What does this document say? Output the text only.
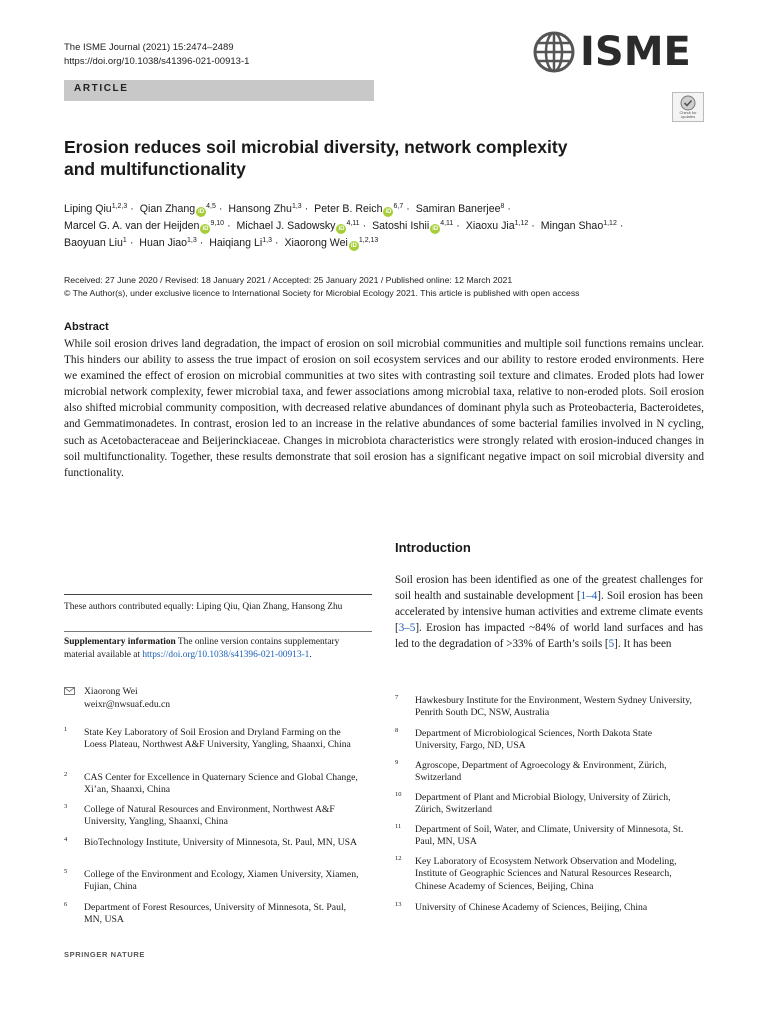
The ISME Journal (2021) 15:2474–2489
https://doi.org/10.1038/s41396-021-00913-1	ISME
ARTICLE
Check for updates
Erosion reduces soil microbial diversity, network complexity
and multifunctionality
Liping Qiu$^{1,2,3}$ · Qian Zhang iD$^{4,5}$ · Hansong Zhu$^{1,3}$ · Peter B. Reich iD$^{6,7}$ · Samiran Banerjee$^8$ ·
Marcel G. A. van der Heijden iD$^{9,10}$ · Michael J. Sadowsky iD$^{4,11}$ · Satoshi Ishii iD$^{4,11}$ · Xiaoxu Jia$^{1,12}$ · Mingan Shao$^{1,12}$ ·
Baoyuan Liu$^1$ · Huan Jiao$^{1,3}$ · Haiqiang Li$^{1,3}$ · Xiaorong Wei iD$^{1,2,13}$
Received: 27 June 2020 / Revised: 18 January 2021 / Accepted: 25 January 2021 / Published online: 12 March 2021
© The Author(s), under exclusive licence to International Society for Microbial Ecology 2021. This article is published with open access
Abstract

While soil erosion drives land degradation, the impact of erosion on soil microbial communities and multiple soil functions remains unclear. This hinders our ability to assess the true impact of erosion on soil ecosystem services and our ability to restore eroded environments. Here we examined the effect of erosion on microbial communities at two sites with contrasting soil texture and climates. Eroded plots had lower microbial network complexity, fewer microbial taxa, and fewer associations among microbial taxa, relative to non-eroded plots. Soil erosion also shifted microbial community composition, with decreased relative abundances of dominant phyla such as Proteobacteria, Bacteroidetes, and Gemmatimonadetes. In contrast, erosion led to an increase in the relative abundances of some bacterial families involved in N cycling, such as Acetobacteraceae and Beijerinckiaceae. Changes in microbiota characteristics were strongly related with erosion-induced changes in soil multifunctionality. Together, these results demonstrate that soil erosion has a significant negative impact on soil microbial diversity and functionality.

Introduction

Soil erosion has been identified as one of the greatest challenges for soil health and sustainable development [1–4]. Soil erosion has been accelerated by intensive human activities and extreme climate events [3–5]. Erosion has impacted ~84% of world land surfaces and has led to the degradation of >33% of Earth’s soils [5]. It has been

These authors contributed equally: Liping Qiu, Qian Zhang, Hansong Zhu
Supplementary information The online version contains supplementary material available at https://doi.org/10.1038/s41396-021-00913-1.
Xiaorong Wei
weixr@nwsuaf.edu.cn
1 State Key Laboratory of Soil Erosion and Dryland Farming on the Loess Plateau, Northwest A&F University, Yangling, Shaanxi, China
2 CAS Center for Excellence in Quaternary Science and Global Change, Xi’an, Shaanxi, China
3 College of Natural Resources and Environment, Northwest A&F University, Yangling, Shaanxi, China
4 BioTechnology Institute, University of Minnesota, St. Paul, MN, USA
5 College of the Environment and Ecology, Xiamen University, Xiamen, Fujian, China
6 Department of Forest Resources, University of Minnesota, St. Paul, MN, USA
7 Hawkesbury Institute for the Environment, Western Sydney University, Penrith South DC, NSW, Australia
8 Department of Microbiological Sciences, North Dakota State University, Fargo, ND, USA
9 Agroscope, Department of Agroecology & Environment, Zürich, Switzerland
10 Department of Plant and Microbial Biology, University of Zürich, Zürich, Switzerland
11 Department of Soil, Water, and Climate, University of Minnesota, St. Paul, MN, USA
12 Key Laboratory of Ecosystem Network Observation and Modeling, Institute of Geographic Sciences and Natural Resources Research, Chinese Academy of Sciences, Beijing, China
13 University of Chinese Academy of Sciences, Beijing, China
SPRINGER NATURE
